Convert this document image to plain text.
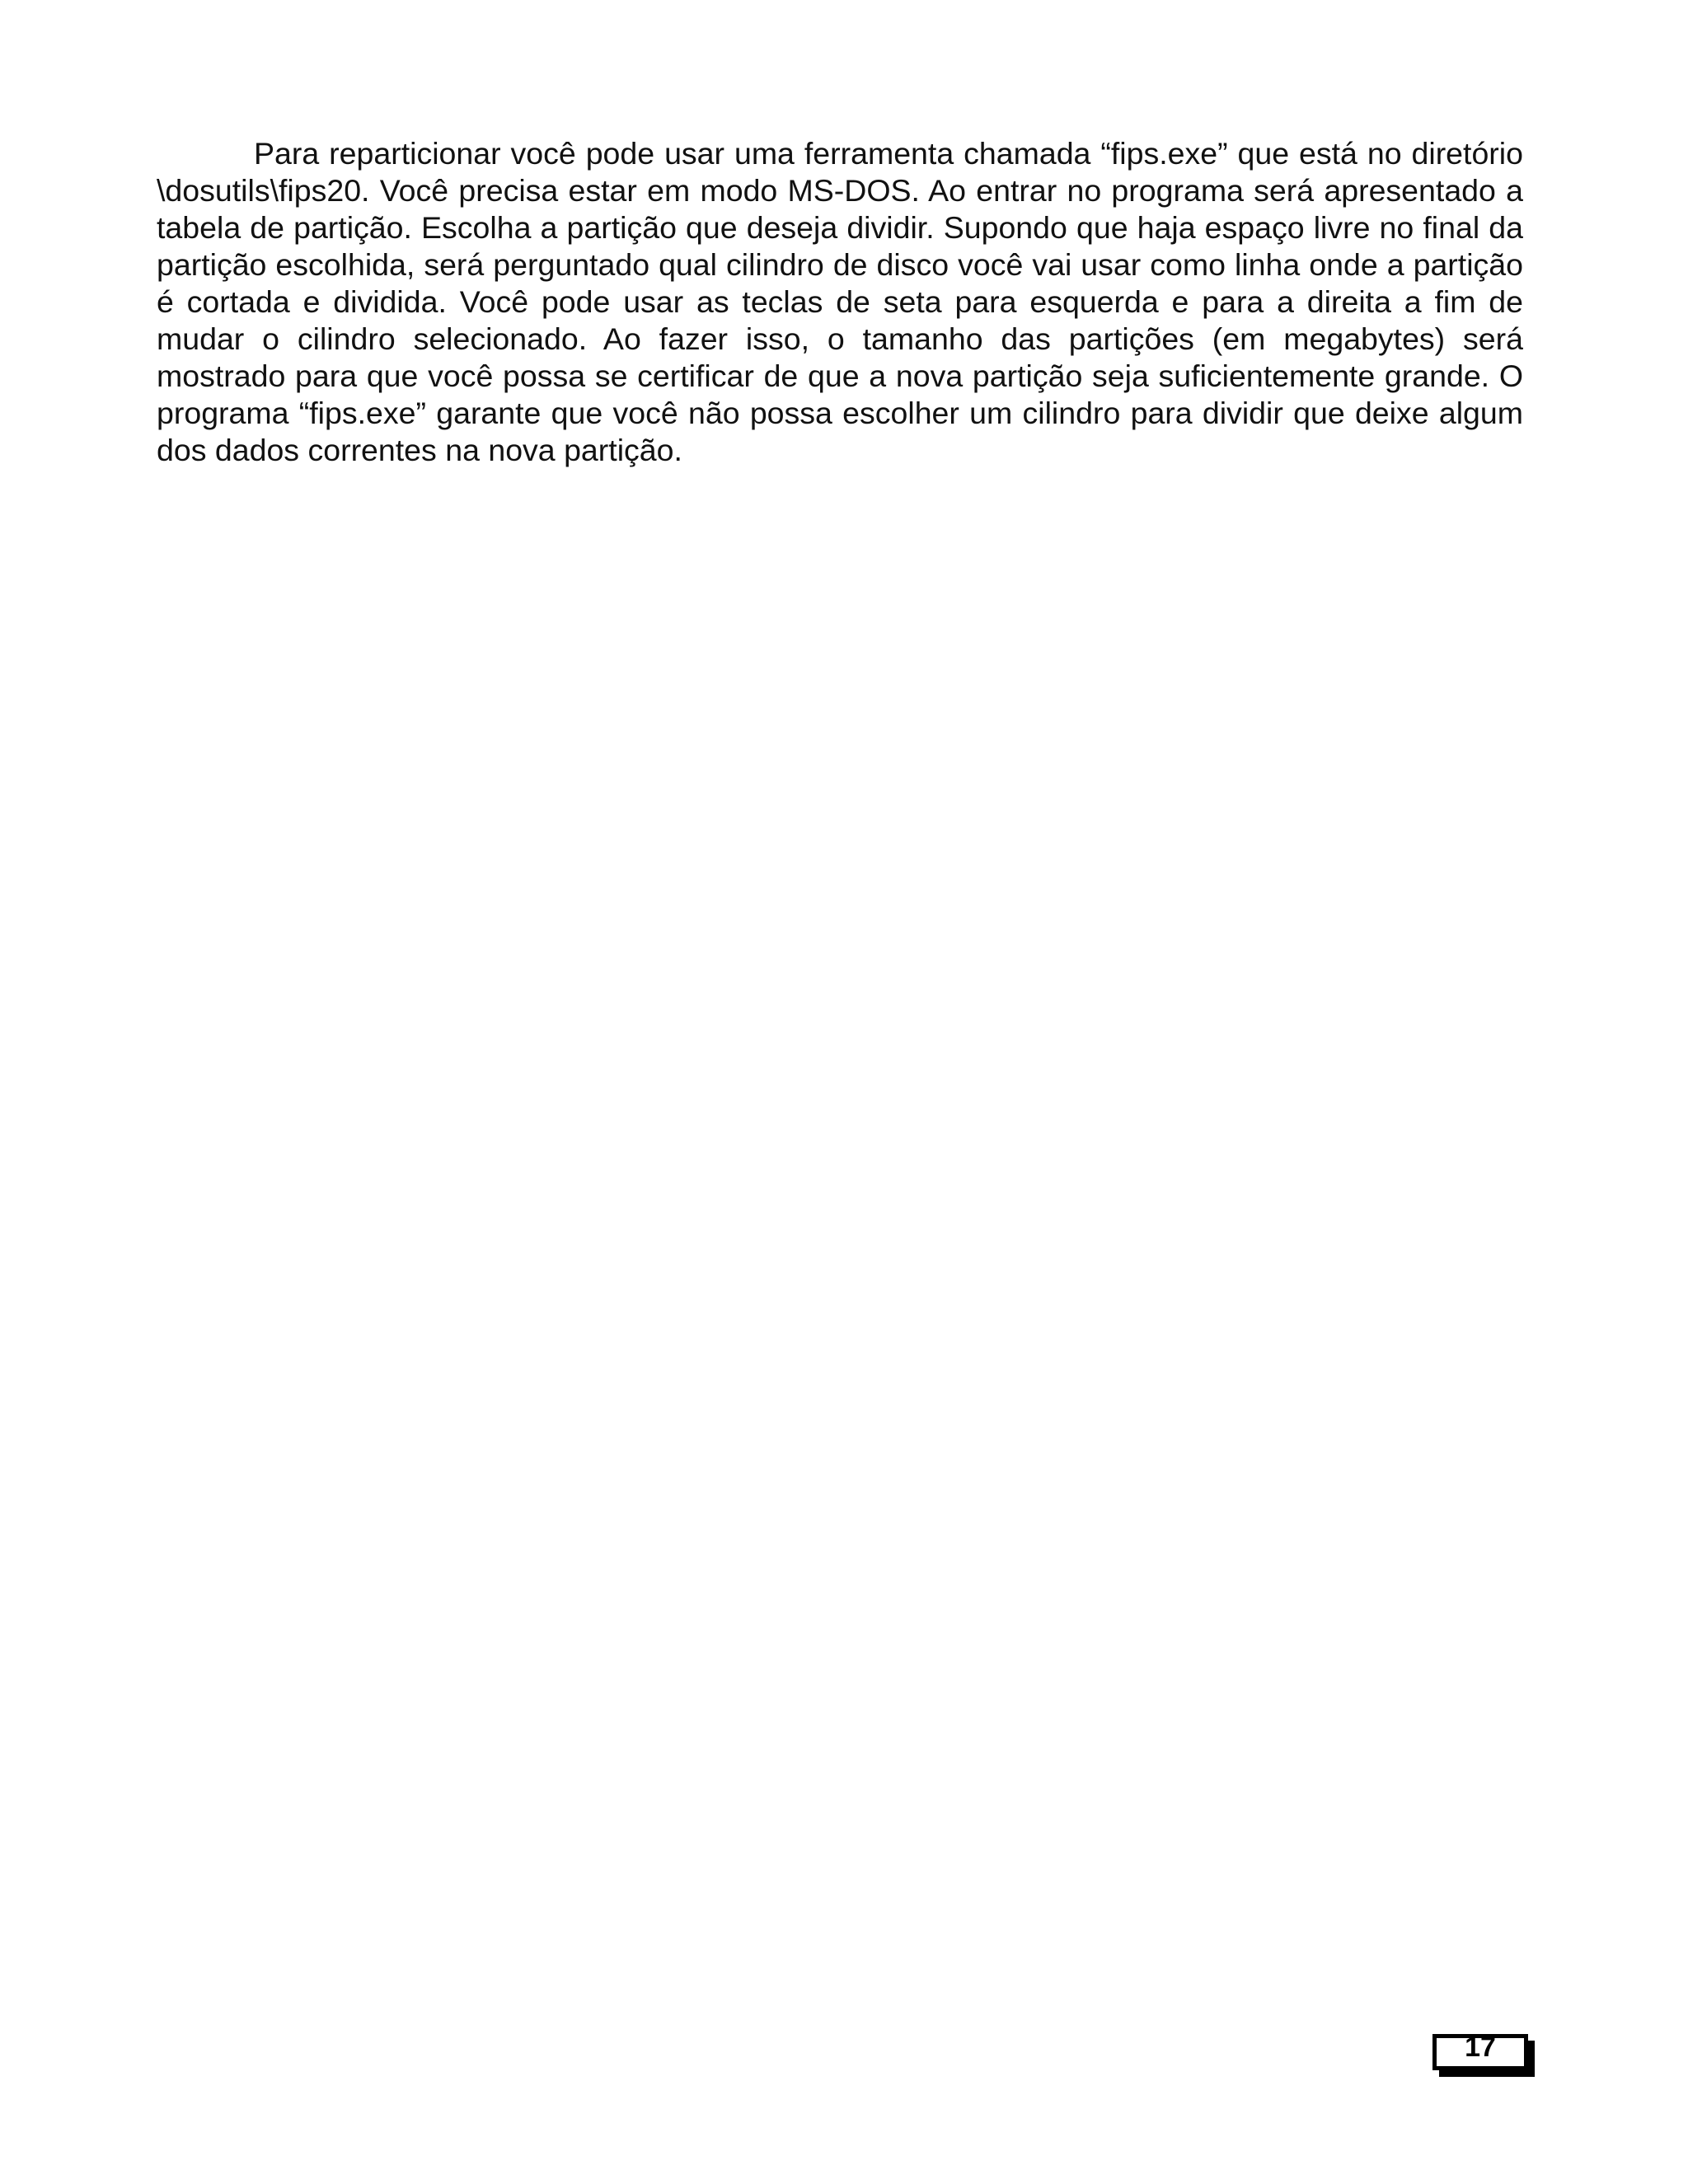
Para reparticionar você pode usar uma ferramenta chamada “fips.exe” que está no diretório \dosutils\fips20. Você precisa estar em modo MS-DOS. Ao entrar no programa será apresentado a tabela de partição. Escolha a partição que deseja dividir. Supondo que haja espaço livre no final da partição escolhida, será perguntado qual cilindro de disco você vai usar como linha onde a partição é cortada e dividida. Você pode usar as teclas de seta para esquerda e para a direita a fim de mudar o cilindro selecionado. Ao fazer isso, o tamanho das partições (em megabytes) será mostrado para que você possa se certificar de que a nova partição seja suficientemente grande. O programa “fips.exe” garante que você não possa escolher um cilindro para dividir que deixe algum dos dados correntes na nova partição.

17
